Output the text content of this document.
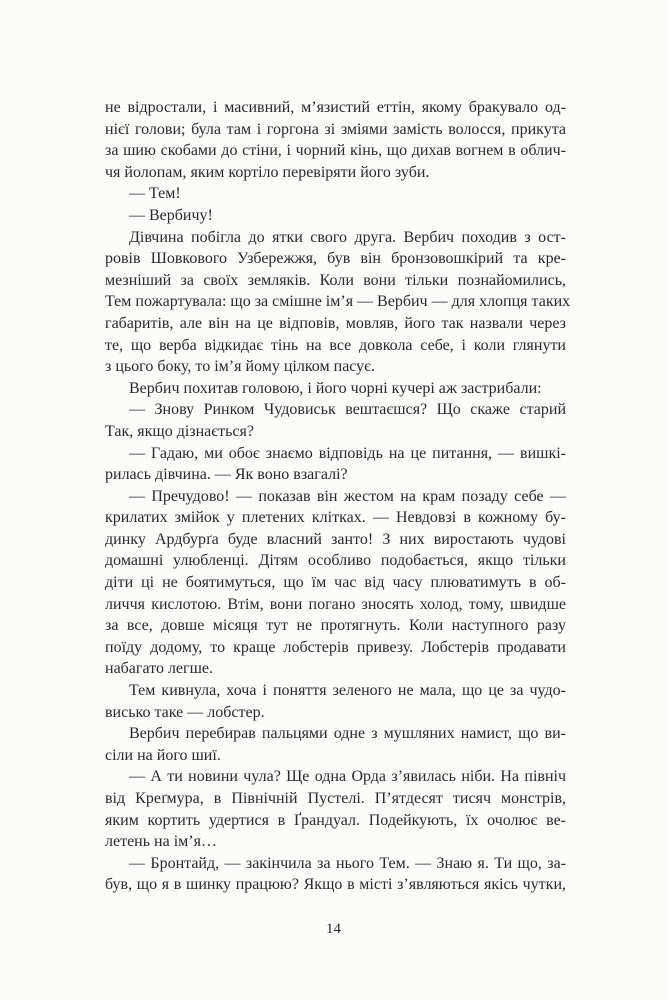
не відростали, і масивний, м’язистий еттін, якому бракувало од-
нієї голови; була там і горгона зі зміями замість волосся, прикута
за шию скобами до стіни, і чорний кінь, що дихав вогнем в облич-
чя йолопам, яким кортіло перевіряти його зуби.
— Тем!
— Вербичу!
Дівчина побігла до ятки свого друга. Вербич походив з ост-
ровів Шовкового Узбережжя, був він бронзовошкірий та кре-
мезніший за своїх земляків. Коли вони тільки познайомились,
Тем пожартувала: що за смішне ім’я — Вербич — для хлопця таких
габаритів, але він на це відповів, мовляв, його так назвали через
те, що верба відкидає тінь на все довкола себе, і коли глянути
з цього боку, то ім’я йому цілком пасує.
Вербич похитав головою, і його чорні кучері аж застрибали:
— Знову Ринком Чудовиськ вештаєшся? Що скаже старий
Так, якщо дізнається?
— Гадаю, ми обоє знаємо відповідь на це питання, — вишкі-
рилась дівчина. — Як воно взагалі?
— Пречудово! — показав він жестом на крам позаду себе —
крилатих змійок у плетених клітках. — Невдовзі в кожному бу-
динку Ардбурґа буде власний занто! З них виростають чудові
домашні улюбленці. Дітям особливо подобається, якщо тільки
діти ці не боятимуться, що їм час від часу плюватимуть в об-
личчя кислотою. Втім, вони погано зносять холод, тому, швидше
за все, довше місяця тут не протягнуть. Коли наступного разу
поїду додому, то краще лобстерів привезу. Лобстерів продавати
набагато легше.
Тем кивнула, хоча і поняття зеленого не мала, що це за чудо-
висько таке — лобстер.
Вербич перебирав пальцями одне з мушляних намист, що ви-
сіли на його шиї.
— А ти новини чула? Ще одна Орда з’явилась ніби. На північ
від Креґмура, в Північній Пустелі. П’ятдесят тисяч монстрів,
яким кортить удертися в Ґрандуал. Подейкують, їх очолює ве-
летень на ім’я…
— Бронтайд, — закінчила за нього Тем. — Знаю я. Ти що, за-
був, що я в шинку працюю? Якщо в місті з’являються якісь чутки,
14
